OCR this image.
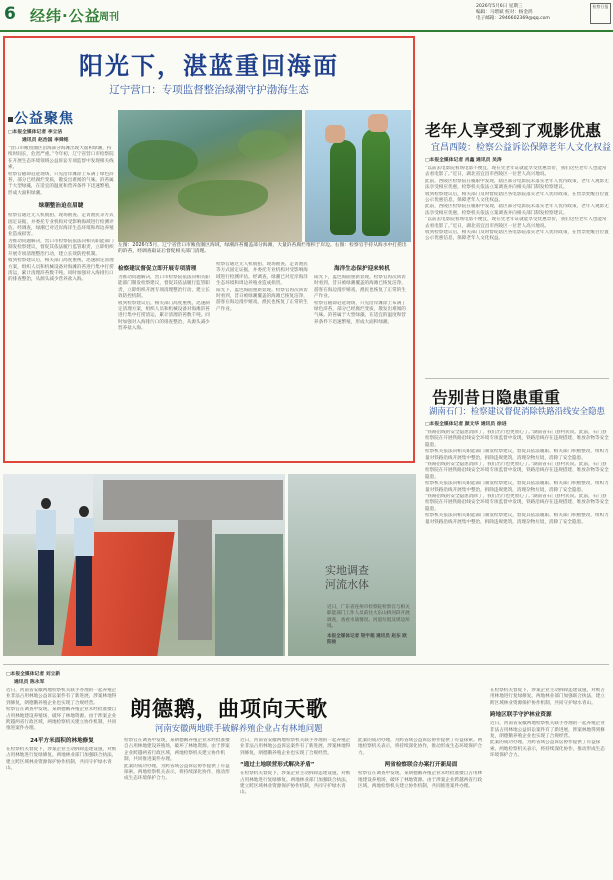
6 经纬·公益
周刊
2026年5月6日 星期三
编辑：马熠斌 校对：杨金鸿
电子邮箱：2946602369@qq.com
检察日报
阳光下，湛蓝重回海面
辽宁营口：专项监督整治绿潮守护渤海生态
公益聚焦
□本报全媒体记者 李立洁
通讯员 赵治国 李舜铭
“营口市鲅鱼圈区沿海部分海滩出现大面积绿潮，持续时间长，危害严重。”今年初，辽宁省营口市检察院在开展生态环境领域公益诉讼专项监督中发现相关线索。
检察官随即赶赴现场，只见沿岸滩涂上布满了绿色浒苔，部分已经腐烂变质，散发出难闻的气味。浒苔属于大型绿藻，在适宜的温度和营养条件下迅速繁殖，形成大面积绿潮。
绿潮整治迫在眉睫
检察官通过无人机航拍、现场勘查、走访渔民等方式固定证据，并委托专业机构对受影响海域进行检测评估。经调查，绿潮已对近岸海洋生态环境和周边养殖业造成损害。
为推动问题解决，营口市检察院依法向相关职能部门制发检察建议，督促其依法履行监管职责，立即组织开展专项清理整治行动，建立长效防控机制。
收到检察建议后，相关部门高度重视，迅速制定清理方案，组织人员和机械设备对海滩浒苔进行集中打捞清运，累计清理浒苔数千吨。同时加强对入海排污口的排查整治，从源头减少营养盐入海。
左图：2026年5月，辽宁省营口市鲅鱼圈区海域，绿潮浒苔覆盖部分海滩，大量浒苔腐烂堆积于岸边。右图：检察官手持从海水中打捞出的浒苔，经调查取证后督促相关部门清理。
检察建议督促立即开展专项清理
为推动问题解决，营口市检察院依法向相关职能部门制发检察建议，督促其依法履行监管职责，立即组织开展专项清理整治行动，建立长效防控机制。
收到检察建议后，相关部门高度重视，迅速制定清理方案，组织人员和机械设备对海滩浒苔进行集中打捞清运，累计清理浒苔数千吨。同时加强对入海排污口的排查整治，从源头减少营养盐入海。
检察官通过无人机航拍、现场勘查、走访渔民等方式固定证据，并委托专业机构对受影响海域进行检测评估。经调查，绿潮已对近岸海洋生态环境和周边养殖业造成损害。
阳光下，蓝色海面重新显现。检察官再次回访时看到，昔日被绿潮覆盖的海滩已恢复洁净，游客在海边漫步嬉戏，渔民也恢复了正常的生产作业。
海洋生态保护迎来转机
阳光下，蓝色海面重新显现。检察官再次回访时看到，昔日被绿潮覆盖的海滩已恢复洁净，游客在海边漫步嬉戏，渔民也恢复了正常的生产作业。
检察官随即赶赴现场，只见沿岸滩涂上布满了绿色浒苔，部分已经腐烂变质，散发出难闻的气味。浒苔属于大型绿藻，在适宜的温度和营养条件下迅速繁殖，形成大面积绿潮。
老年人享受到了观影优惠
宜昌西陵：检察公益诉讼保障老年人文化权益
□本报全媒体记者 肖鑫 通讯员 吴涛
“以前去电影院看场电影不便宜，现在凭老年证就能享受优惠票价，我们这些老年人也能常去看电影了。”近日，湖北省宜昌市西陵区一位老人高兴地说。
此前，西陵区检察院在履职中发现，辖区部分电影院未落实老年人优待政策，老年人观影无法享受相应优惠，检察机关依法立案调查并向相关部门制发检察建议。
收到检察建议后，相关部门及时督促辖区各电影院落实老年人优待政策，在售票处醒目位置公示优惠信息，保障老年人文化权益。
此前，西陵区检察院在履职中发现，辖区部分电影院未落实老年人优待政策，老年人观影无法享受相应优惠，检察机关依法立案调查并向相关部门制发检察建议。
“以前去电影院看场电影不便宜，现在凭老年证就能享受优惠票价，我们这些老年人也能常去看电影了。”近日，湖北省宜昌市西陵区一位老人高兴地说。
收到检察建议后，相关部门及时督促辖区各电影院落实老年人优待政策，在售票处醒目位置公示优惠信息，保障老年人文化权益。
告别昔日隐患重重
湖南石门：检察建议督促消除铁路沿线安全隐患
□本报全媒体记者 颜文华 通讯员 徐进
“铁路沿线的安全隐患消除了，我们出行也更放心了。”湖南省石门县村民说。此前，石门县检察院在开展铁路沿线安全环境专项监督中发现，铁路沿线存在违规搭建、堆放杂物等安全隐患。
检察机关依法向相关职能部门制发检察建议，督促其依法履职。相关部门积极整改，组织力量对铁路沿线开展集中整治，拆除违规建筑，清理杂物垃圾，消除了安全隐患。
“铁路沿线的安全隐患消除了，我们出行也更放心了。”湖南省石门县村民说。此前，石门县检察院在开展铁路沿线安全环境专项监督中发现，铁路沿线存在违规搭建、堆放杂物等安全隐患。
检察机关依法向相关职能部门制发检察建议，督促其依法履职。相关部门积极整改，组织力量对铁路沿线开展集中整治，拆除违规建筑，清理杂物垃圾，消除了安全隐患。
“铁路沿线的安全隐患消除了，我们出行也更放心了。”湖南省石门县村民说。此前，石门县检察院在开展铁路沿线安全环境专项监督中发现，铁路沿线存在违规搭建、堆放杂物等安全隐患。
检察机关依法向相关职能部门制发检察建议，督促其依法履职。相关部门积极整改，组织力量对铁路沿线开展集中整治，拆除违规建筑，清理杂物垃圾，消除了安全隐患。
实地调查
河流水体
近日，广东省连州市检察院检察官与相关职能部门工作人员前往大东山桥河段开展调查，查看水质情况、河道垃圾及周边环境。
本报全媒体记者 梁宇超 通讯员 赵东 欧阳俊
□本报全媒体记者 刘立新
通讯员 陈永军
朗德鹅，曲项向天歌
河南安徽两地联手破解养殖企业占有林地问题
近日，河南省安徽两地检察机关联手办理的一起养殖企业非法占用林地公益诉讼案件有了新进展，涉案林地得到修复，朗德鹅养殖企业也实现了合规经营。
检察官在调查中发现，某朗德鹅养殖企业未经批准擅自占用林地建设养殖场，破坏了林地资源。由于涉案企业跨越两省行政区域，两地检察机关建立协作机制，共同推进案件办理。
24平方米面积的林地修复
在检察机关督促下，涉案企业主动拆除违建设施，对被占用林地进行复绿修复。两地林业部门加强联合执法，建立跨区域林业资源保护协作机制，共同守护绿水青山。
检察官在调查中发现，某朗德鹅养殖企业未经批准擅自占用林地建设养殖场，破坏了林地资源。由于涉案企业跨越两省行政区域，两地检察机关建立协作机制，共同推进案件办理。
此案的成功办理，为跨省域公益诉讼协作提供了有益探索。两地检察机关表示，将持续深化协作，推动形成生态环境保护合力。
近日，河南省安徽两地检察机关联手办理的一起养殖企业非法占用林地公益诉讼案件有了新进展，涉案林地得到修复，朗德鹅养殖企业也实现了合规经营。
“通过土地联营形式解决矛盾”
在检察机关督促下，涉案企业主动拆除违建设施，对被占用林地进行复绿修复。两地林业部门加强联合执法，建立跨区域林业资源保护协作机制，共同守护绿水青山。
此案的成功办理，为跨省域公益诉讼协作提供了有益探索。两地检察机关表示，将持续深化协作，推动形成生态环境保护合力。
两省检察联合办案打开新局面
检察官在调查中发现，某朗德鹅养殖企业未经批准擅自占用林地建设养殖场，破坏了林地资源。由于涉案企业跨越两省行政区域，两地检察机关建立协作机制，共同推进案件办理。
在检察机关督促下，涉案企业主动拆除违建设施，对被占用林地进行复绿修复。两地林业部门加强联合执法，建立跨区域林业资源保护协作机制，共同守护绿水青山。
跨地区联手守护林业资源
近日，河南省安徽两地检察机关联手办理的一起养殖企业非法占用林地公益诉讼案件有了新进展，涉案林地得到修复，朗德鹅养殖企业也实现了合规经营。
此案的成功办理，为跨省域公益诉讼协作提供了有益探索。两地检察机关表示，将持续深化协作，推动形成生态环境保护合力。
